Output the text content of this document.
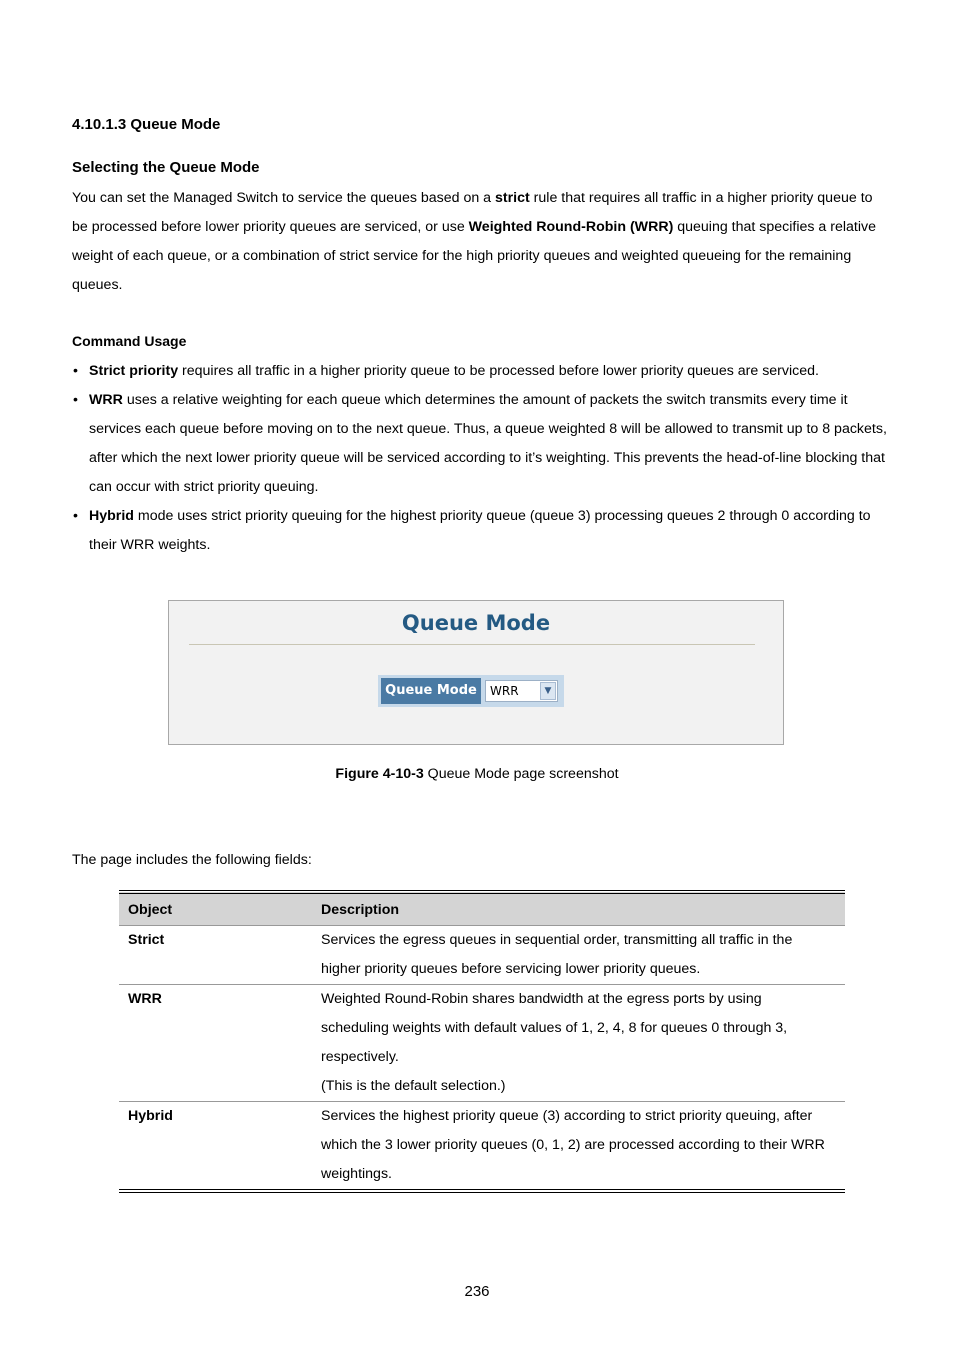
4.10.1.3 Queue Mode
Selecting the Queue Mode

You can set the Managed Switch to service the queues based on a strict rule that requires all traffic in a higher priority queue to be processed before lower priority queues are serviced, or use Weighted Round-Robin (WRR) queuing that specifies a relative weight of each queue, or a combination of strict service for the high priority queues and weighted queueing for the remaining queues.

Command Usage
• Strict priority requires all traffic in a higher priority queue to be processed before lower priority queues are serviced.
• WRR uses a relative weighting for each queue which determines the amount of packets the switch transmits every time it services each queue before moving on to the next queue. Thus, a queue weighted 8 will be allowed to transmit up to 8 packets, after which the next lower priority queue will be serviced according to it’s weighting. This prevents the head-of-line blocking that can occur with strict priority queuing.
• Hybrid mode uses strict priority queuing for the highest priority queue (queue 3) processing queues 2 through 0 according to their WRR weights.
Queue Mode
Queue Mode	WRR	▼
Figure 4-10-3 Queue Mode page screenshot
The page includes the following fields:
Object	Description
Strict	Services the egress queues in sequential order, transmitting all traffic in the
higher priority queues before servicing lower priority queues.

WRR	Weighted Round-Robin shares bandwidth at the egress ports by using
scheduling weights with default values of 1, 2, 4, 8 for queues 0 through 3,
respectively.
(This is the default selection.)

Hybrid	Services the highest priority queue (3) according to strict priority queuing, after
which the 3 lower priority queues (0, 1, 2) are processed according to their WRR
weightings.
236
